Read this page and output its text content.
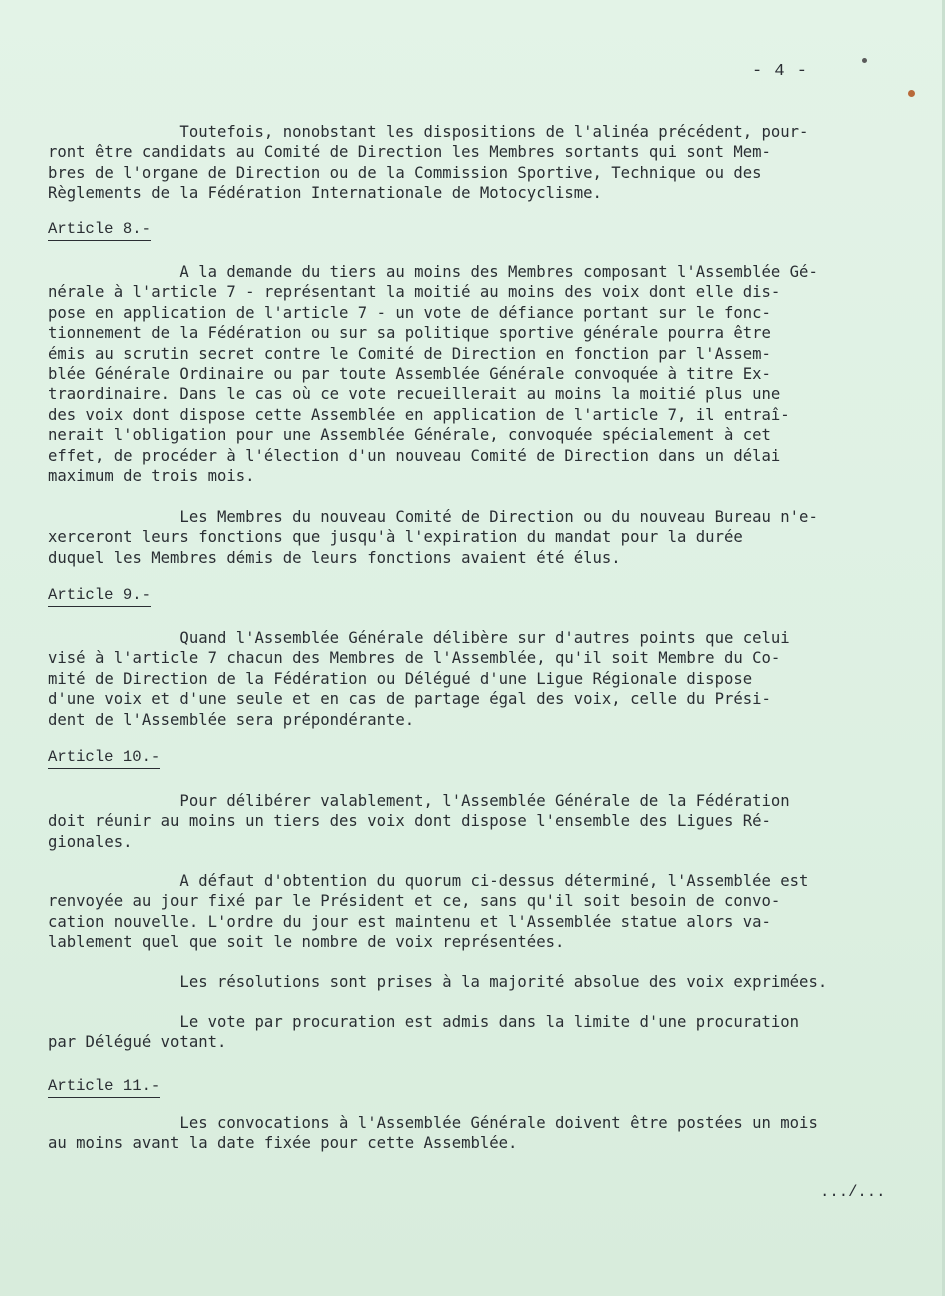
- 4 -
Toutefois, nonobstant les dispositions de l'alinéa précédent, pour-
ront être candidats au Comité de Direction les Membres sortants qui sont Mem-
bres de l'organe de Direction ou de la Commission Sportive, Technique ou des
Règlements de la Fédération Internationale de Motocyclisme.
Article 8.-
A la demande du tiers au moins des Membres composant l'Assemblée Gé-
nérale à l'article 7 - représentant la moitié au moins des voix dont elle dis-
pose en application de l'article 7 - un vote de défiance portant sur le fonc-
tionnement de la Fédération ou sur sa politique sportive générale pourra être
émis au scrutin secret contre le Comité de Direction en fonction par l'Assem-
blée Générale Ordinaire ou par toute Assemblée Générale convoquée à titre Ex-
traordinaire. Dans le cas où ce vote recueillerait au moins la moitié plus une
des voix dont dispose cette Assemblée en application de l'article 7, il entraî-
nerait l'obligation pour une Assemblée Générale, convoquée spécialement à cet
effet, de procéder à l'élection d'un nouveau Comité de Direction dans un délai
maximum de trois mois.
Les Membres du nouveau Comité de Direction ou du nouveau Bureau n'e-
xerceront leurs fonctions que jusqu'à l'expiration du mandat pour la durée
duquel les Membres démis de leurs fonctions avaient été élus.
Article 9.-
Quand l'Assemblée Générale délibère sur d'autres points que celui
visé à l'article 7 chacun des Membres de l'Assemblée, qu'il soit Membre du Co-
mité de Direction de la Fédération ou Délégué d'une Ligue Régionale dispose
d'une voix et d'une seule et en cas de partage égal des voix, celle du Prési-
dent de l'Assemblée sera prépondérante.
Article 10.-
Pour délibérer valablement, l'Assemblée Générale de la Fédération
doit réunir au moins un tiers des voix dont dispose l'ensemble des Ligues Ré-
gionales.
A défaut d'obtention du quorum ci-dessus déterminé, l'Assemblée est
renvoyée au jour fixé par le Président et ce, sans qu'il soit besoin de convo-
cation nouvelle. L'ordre du jour est maintenu et l'Assemblée statue alors va-
lablement quel que soit le nombre de voix représentées.
Les résolutions sont prises à la majorité absolue des voix exprimées.
Le vote par procuration est admis dans la limite d'une procuration
par Délégué votant.
Article 11.-
Les convocations à l'Assemblée Générale doivent être postées un mois
au moins avant la date fixée pour cette Assemblée.
.../...
